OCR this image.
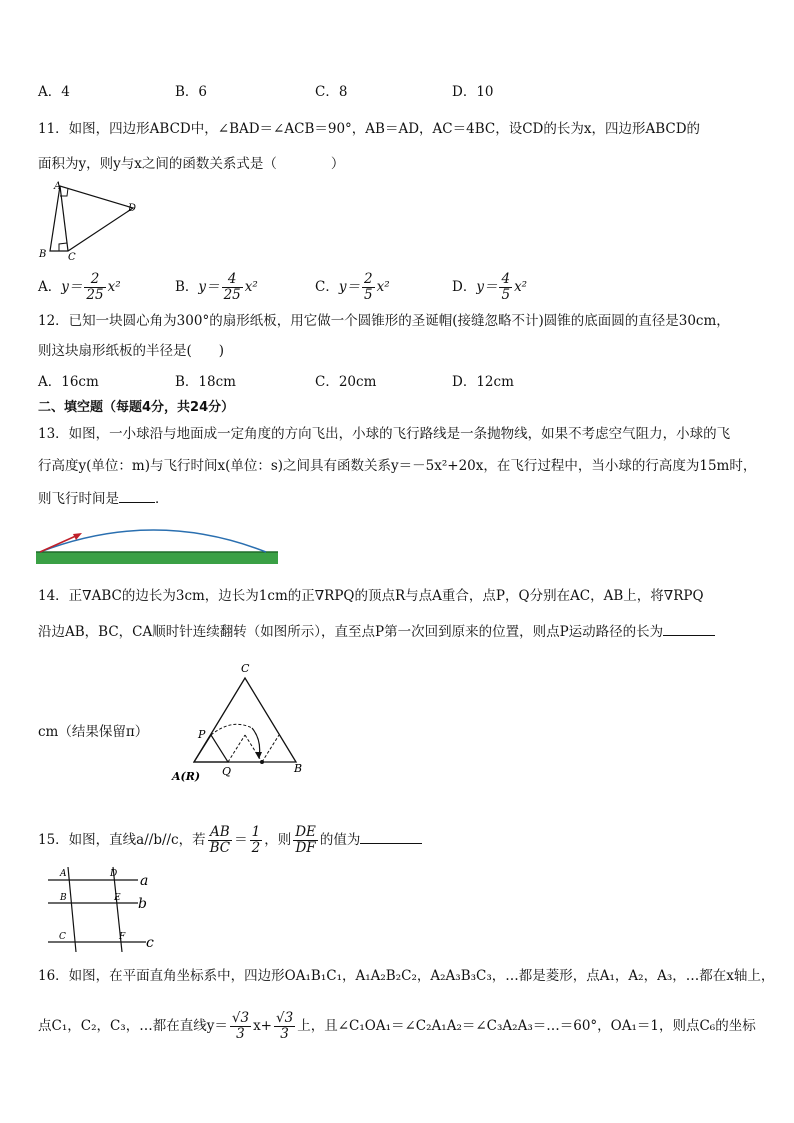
A．4	B．6	C．8	D．10
11．如图，四边形ABCD中，∠BAD＝∠ACB＝90°，AB＝AD，AC＝4BC，设CD的长为x，四边形ABCD的
面积为y，则y与x之间的函数关系式是（　　　　）
A
B C
D
A．$y= \frac{2}{25} x^2$	B．$y= \frac{4}{25} x^2$	C．$y= \frac{2}{5} x^2$	D．$y= \frac{4}{5} x^2$
12．已知一块圆心角为300°的扇形纸板，用它做一个圆锥形的圣诞帽(接缝忽略不计)圆锥的底面圆的直径是30cm，
则这块扇形纸板的半径是(　　)
A．16cm	B．18cm	C．20cm	D．12cm
二、填空题（每题4分，共24分）
13．如图，一小球沿与地面成一定角度的方向飞出，小球的飞行路线是一条抛物线，如果不考虑空气阻力，小球的飞
行高度y(单位：m)与飞行时间x(单位：s)之间具有函数关系y＝－5x²+20x，在飞行过程中，当小球的行高度为15m时，
则飞行时间是	．
14．正∇ABC的边长为3cm，边长为1cm的正∇RPQ的顶点R与点A重合，点P，Q分别在AC，AB上，将∇RPQ
沿边AB，BC，CA顺时针连续翻转（如图所示），直至点P第一次回到原来的位置，则点P运动路径的长为
C
P
A(R) Q	B
cm（结果保留π）
15．如图，直线a//b//c，若 $\frac{AB}{BC} = \frac{1}{2}$ ，则 $\frac{DE}{DF}$ 的值为
A	D a
B	E b
C	F c
16．如图，在平面直角坐标系中，四边形OA₁B₁C₁，A₁A₂B₂C₂，A₂A₃B₃C₃，…都是菱形，点A₁，A₂，A₃，…都在x轴上，
点C₁，C₂，C₃，…都在直线$y= \frac{√3}{3} x+ \frac{√3}{3}$ 上，且∠C₁OA₁＝∠C₂A₁A₂＝∠C₃A₂A₃＝…＝60°，OA₁＝1，则点C₆的坐标
